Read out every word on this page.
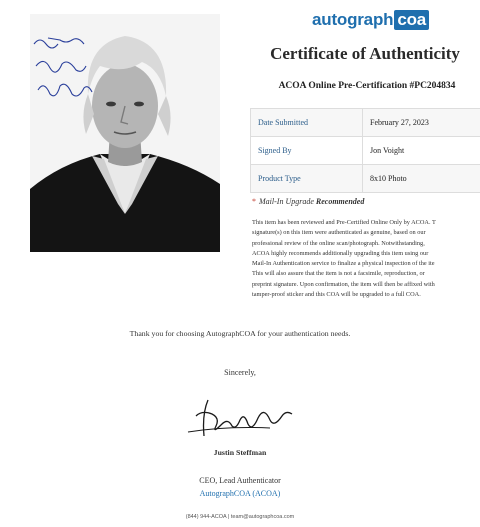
autograph coa
Certificate of Authenticity
ACOA Online Pre-Certification #PC204834
Date Submitted	February 27, 2023
Signed By	Jon Voight
Product Type	8x10 Photo
* Mail-In Upgrade Recommended

This item has been reviewed and Pre-Certified Online Only by ACOA. T

signature(s) on this item were authenticated as genuine, based on our

professional review of the online scan/photograph. Notwithstanding,

ACOA highly recommends additionally upgrading this item using our

Mail-In Authentication service to finalize a physical inspection of the ite

This will also assure that the item is not a facsimile, reproduction, or

preprint signature. Upon confirmation, the item will then be affixed with

tamper-proof sticker and this COA will be upgraded to a full COA.

Thank you for choosing AutographCOA for your authentication needs.
Sincerely,
Justin Steffman
CEO, Lead Authenticator
AutographCOA (ACOA)
(844) 944-ACOA | team@autographcoa.com
